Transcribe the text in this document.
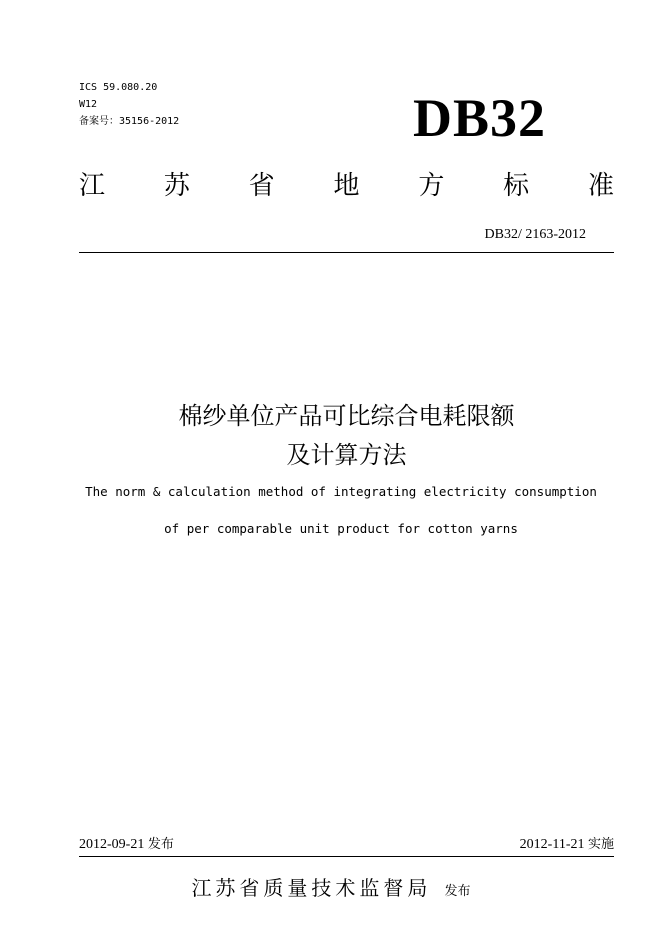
ICS 59.080.20
W12
备案号：35156-2012	DB32
江 苏 省 地 方 标 准
DB32/ 2163-2012
棉纱单位产品可比综合电耗限额
及计算方法
The norm & calculation method of integrating electricity consumption
of per comparable unit product for cotton yarns
2012-09-21 发布	2012-11-21 实施
江苏省质量技术监督局 发布
